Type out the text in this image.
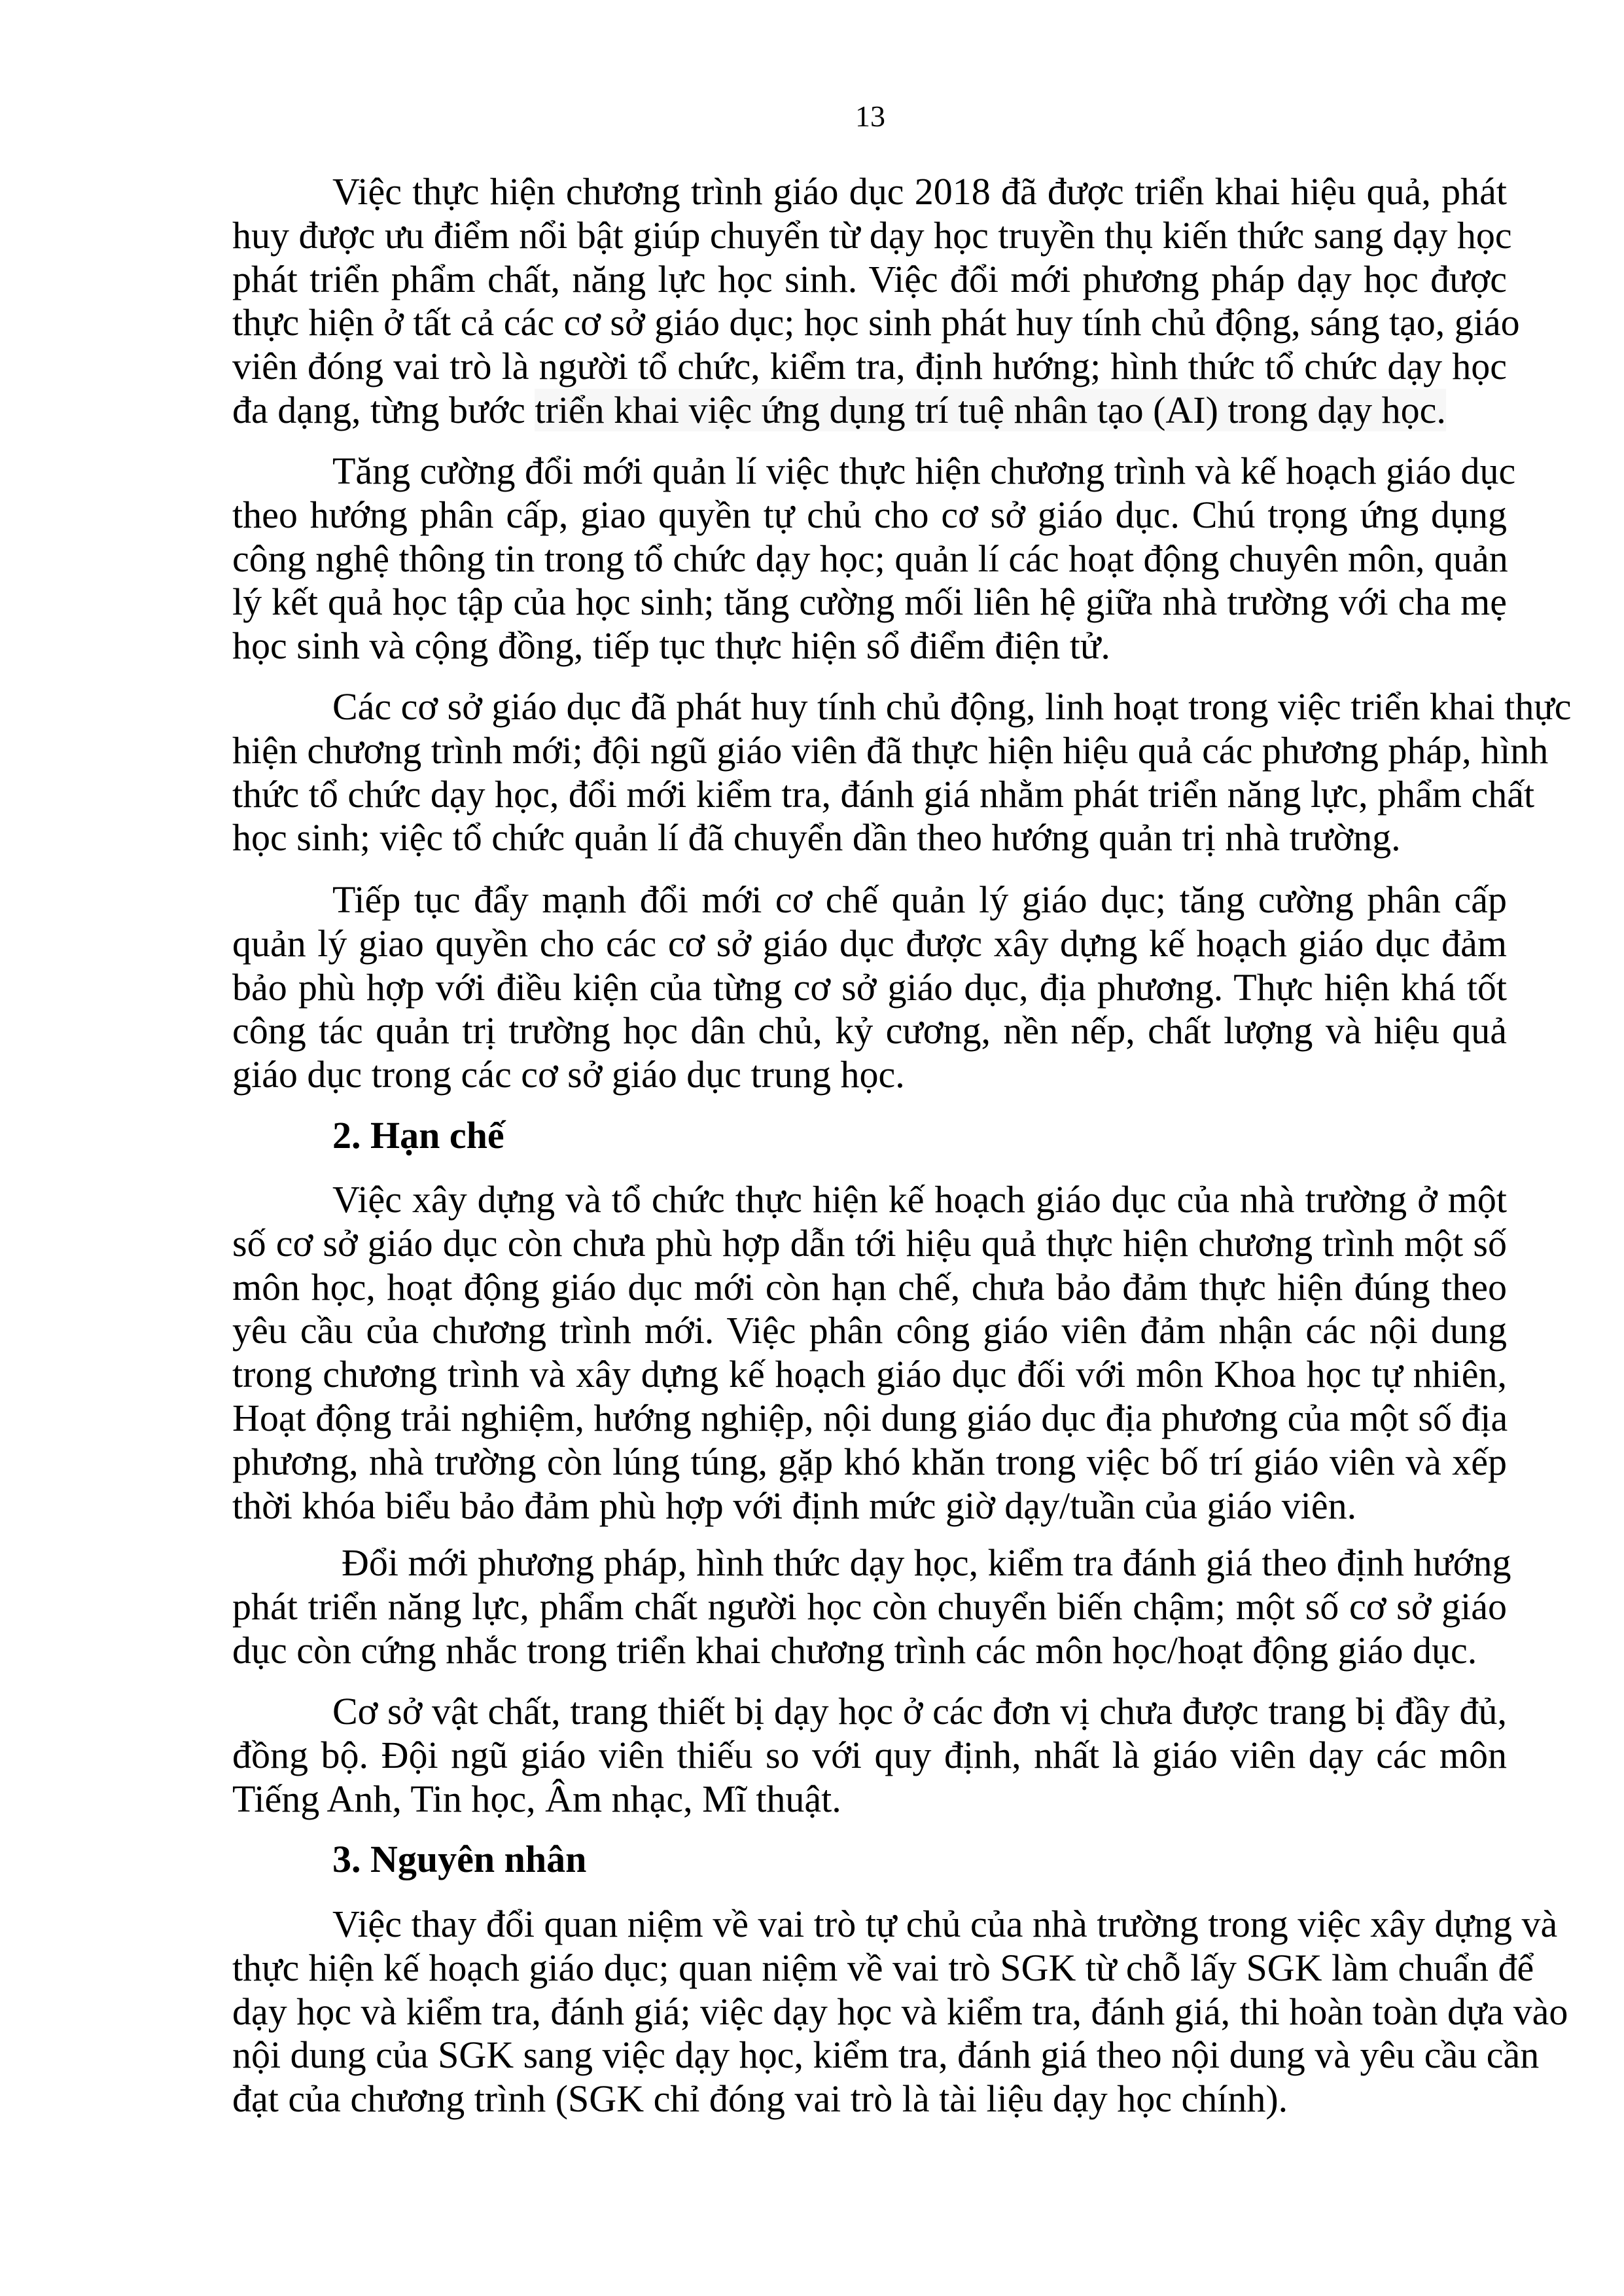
13
Việc thực hiện chương trình giáo dục 2018 đã được triển khai hiệu quả, phát
huy được ưu điểm nổi bật giúp chuyển từ dạy học truyền thụ kiến thức sang dạy học
phát triển phẩm chất, năng lực học sinh. Việc đổi mới phương pháp dạy học được
thực hiện ở tất cả các cơ sở giáo dục; học sinh phát huy tính chủ động, sáng tạo, giáo
viên đóng vai trò là người tổ chức, kiểm tra, định hướng; hình thức tổ chức dạy học
đa dạng, từng bước triển khai việc ứng dụng trí tuệ nhân tạo (AI) trong dạy học.
Tăng cường đổi mới quản lí việc thực hiện chương trình và kế hoạch giáo dục
theo hướng phân cấp, giao quyền tự chủ cho cơ sở giáo dục. Chú trọng ứng dụng
công nghệ thông tin trong tổ chức dạy học; quản lí các hoạt động chuyên môn, quản
lý kết quả học tập của học sinh; tăng cường mối liên hệ giữa nhà trường với cha mẹ
học sinh và cộng đồng, tiếp tục thực hiện sổ điểm điện tử.
Các cơ sở giáo dục đã phát huy tính chủ động, linh hoạt trong việc triển khai thực
hiện chương trình mới; đội ngũ giáo viên đã thực hiện hiệu quả các phương pháp, hình
thức tổ chức dạy học, đổi mới kiểm tra, đánh giá nhằm phát triển năng lực, phẩm chất
học sinh; việc tổ chức quản lí đã chuyển dần theo hướng quản trị nhà trường.
Tiếp tục đẩy mạnh đổi mới cơ chế quản lý giáo dục; tăng cường phân cấp
quản lý giao quyền cho các cơ sở giáo dục được xây dựng kế hoạch giáo dục đảm
bảo phù hợp với điều kiện của từng cơ sở giáo dục, địa phương. Thực hiện khá tốt
công tác quản trị trường học dân chủ, kỷ cương, nền nếp, chất lượng và hiệu quả
giáo dục trong các cơ sở giáo dục trung học.
2. Hạn chế
Việc xây dựng và tổ chức thực hiện kế hoạch giáo dục của nhà trường ở một
số cơ sở giáo dục còn chưa phù hợp dẫn tới hiệu quả thực hiện chương trình một số
môn học, hoạt động giáo dục mới còn hạn chế, chưa bảo đảm thực hiện đúng theo
yêu cầu của chương trình mới. Việc phân công giáo viên đảm nhận các nội dung
trong chương trình và xây dựng kế hoạch giáo dục đối với môn Khoa học tự nhiên,
Hoạt động trải nghiệm, hướng nghiệp, nội dung giáo dục địa phương của một số địa
phương, nhà trường còn lúng túng, gặp khó khăn trong việc bố trí giáo viên và xếp
thời khóa biểu bảo đảm phù hợp với định mức giờ dạy/tuần của giáo viên.
Đổi mới phương pháp, hình thức dạy học, kiểm tra đánh giá theo định hướng
phát triển năng lực, phẩm chất người học còn chuyển biến chậm; một số cơ sở giáo
dục còn cứng nhắc trong triển khai chương trình các môn học/hoạt động giáo dục.
Cơ sở vật chất, trang thiết bị dạy học ở các đơn vị chưa được trang bị đầy đủ,
đồng bộ. Đội ngũ giáo viên thiếu so với quy định, nhất là giáo viên dạy các môn
Tiếng Anh, Tin học, Âm nhạc, Mĩ thuật.
3. Nguyên nhân
Việc thay đổi quan niệm về vai trò tự chủ của nhà trường trong việc xây dựng và
thực hiện kế hoạch giáo dục; quan niệm về vai trò SGK từ chỗ lấy SGK làm chuẩn để
dạy học và kiểm tra, đánh giá; việc dạy học và kiểm tra, đánh giá, thi hoàn toàn dựa vào
nội dung của SGK sang việc dạy học, kiểm tra, đánh giá theo nội dung và yêu cầu cần
đạt của chương trình (SGK chỉ đóng vai trò là tài liệu dạy học chính).
